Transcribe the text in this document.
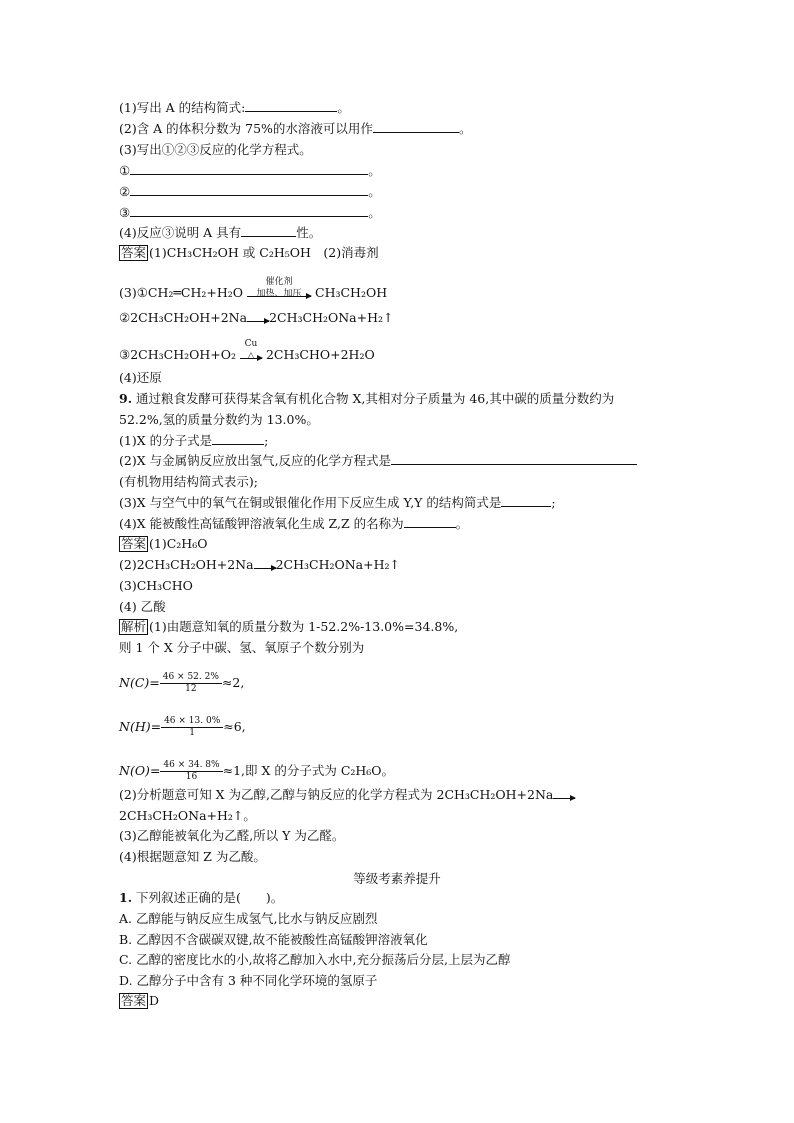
(1)写出 A 的结构简式:	。
(2)含 A 的体积分数为 75%的水溶液可以用作	。
(3)写出①②③反应的化学方程式。
①	。
②	。
③	。
(4)反应③说明 A 具有	性。
答案 (1)CH₃CH₂OH 或 C₂H₅OH　(2)消毒剂
(3)①CH₂═CH₂+H₂O
催化剂
加热、加压	CH₃CH₂OH
②2CH₃CH₂OH+2Na 2CH₃CH₂ONa+H₂↑
③2CH₃CH₂OH+O₂
Cu
△ 2CH₃CHO+2H₂O
(4)还原
9. 通过粮食发酵可获得某含氧有机化合物 X,其相对分子质量为 46,其中碳的质量分数约为
52.2%,氢的质量分数约为 13.0%。
(1)X 的分子式是	;
(2)X 与金属钠反应放出氢气,反应的化学方程式是
(有机物用结构简式表示);
(3)X 与空气中的氧气在铜或银催化作用下反应生成 Y,Y 的结构简式是	;
(4)X 能被酸性高锰酸钾溶液氧化生成 Z,Z 的名称为	。
答案 (1)C₂H₆O
(2)2CH₃CH₂OH+2Na 2CH₃CH₂ONa+H₂↑
(3)CH₃CHO
(4) 乙酸
解析 (1)由题意知氧的质量分数为 1-52.2%-13.0%=34.8%,
则 1 个 X 分子中碳、氢、氧原子个数分别为
$N(C)= \frac{46 \times 52. 2\%}{12} \approx 2$,
$N(H)= \frac{46 \times 13. 0\%}{1} \approx 6$,
$N(O)= \frac{46 \times 34. 8\%}{16} \approx 1$,即 X 的分子式为 C₂H₆O。
(2)分析题意可知 X 为乙醇,乙醇与钠反应的化学方程式为 2CH₃CH₂OH+2Na
2CH₃CH₂ONa+H₂↑。
(3)乙醇能被氧化为乙醛,所以 Y 为乙醛。
(4)根据题意知 Z 为乙酸。
等级考素养提升
1. 下列叙述正确的是(　　)。
A. 乙醇能与钠反应生成氢气,比水与钠反应剧烈
B. 乙醇因不含碳碳双键,故不能被酸性高锰酸钾溶液氧化
C. 乙醇的密度比水的小,故将乙醇加入水中,充分振荡后分层,上层为乙醇
D. 乙醇分子中含有 3 种不同化学环境的氢原子
答案 D
